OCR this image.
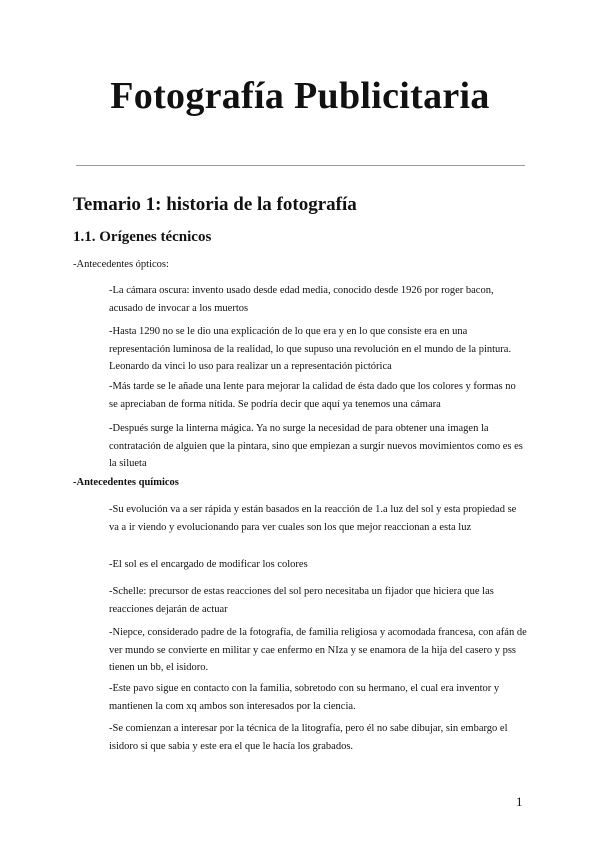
Fotografía Publicitaria
Temario 1: historia de la fotografía
1.1. Orígenes técnicos

-Antecedentes ópticos:

-La cámara oscura: invento usado desde edad media, conocido desde 1926 por roger bacon, acusado de invocar a los muertos

-Hasta 1290 no se le dio una explicación de lo que era y en lo que consiste era en una representación luminosa de la realidad, lo que supuso una revolución en el mundo de la pintura. Leonardo da vinci lo uso para realizar un a representación pictórica

-Más tarde se le añade una lente para mejorar la calidad de ésta dado que los colores y formas no se apreciaban de forma nítida. Se podría decir que aquí ya tenemos una cámara

-Después surge la linterna mágica. Ya no surge la necesidad de para obtener una imagen la contratación de alguien que la pintara, sino que empiezan a surgir nuevos movimientos como es es la silueta

-Antecedentes químicos

-Su evolución va a ser rápida y están basados en la reacción de 1.a luz del sol y esta propiedad se va a ir viendo y evolucionando para ver cuales son los que mejor reaccionan a esta luz

-El sol es el encargado de modificar los colores

-Schelle: precursor de estas reacciones del sol pero necesitaba un fijador que hiciera que las reacciones dejarán de actuar

-Niepce, considerado padre de la fotografía, de familia religiosa y acomodada francesa, con afán de ver mundo se convierte en militar y cae enfermo en NIza y se enamora de la hija del casero y pss tienen un bb, el isidoro.

-Este pavo sigue en contacto con la familia, sobretodo con su hermano, el cual era inventor y mantienen la com xq ambos son interesados por la ciencia.

-Se comienzan a interesar por la técnica de la litografía, pero él no sabe dibujar, sin embargo el isidoro si que sabia y este era el que le hacía los grabados.

1
